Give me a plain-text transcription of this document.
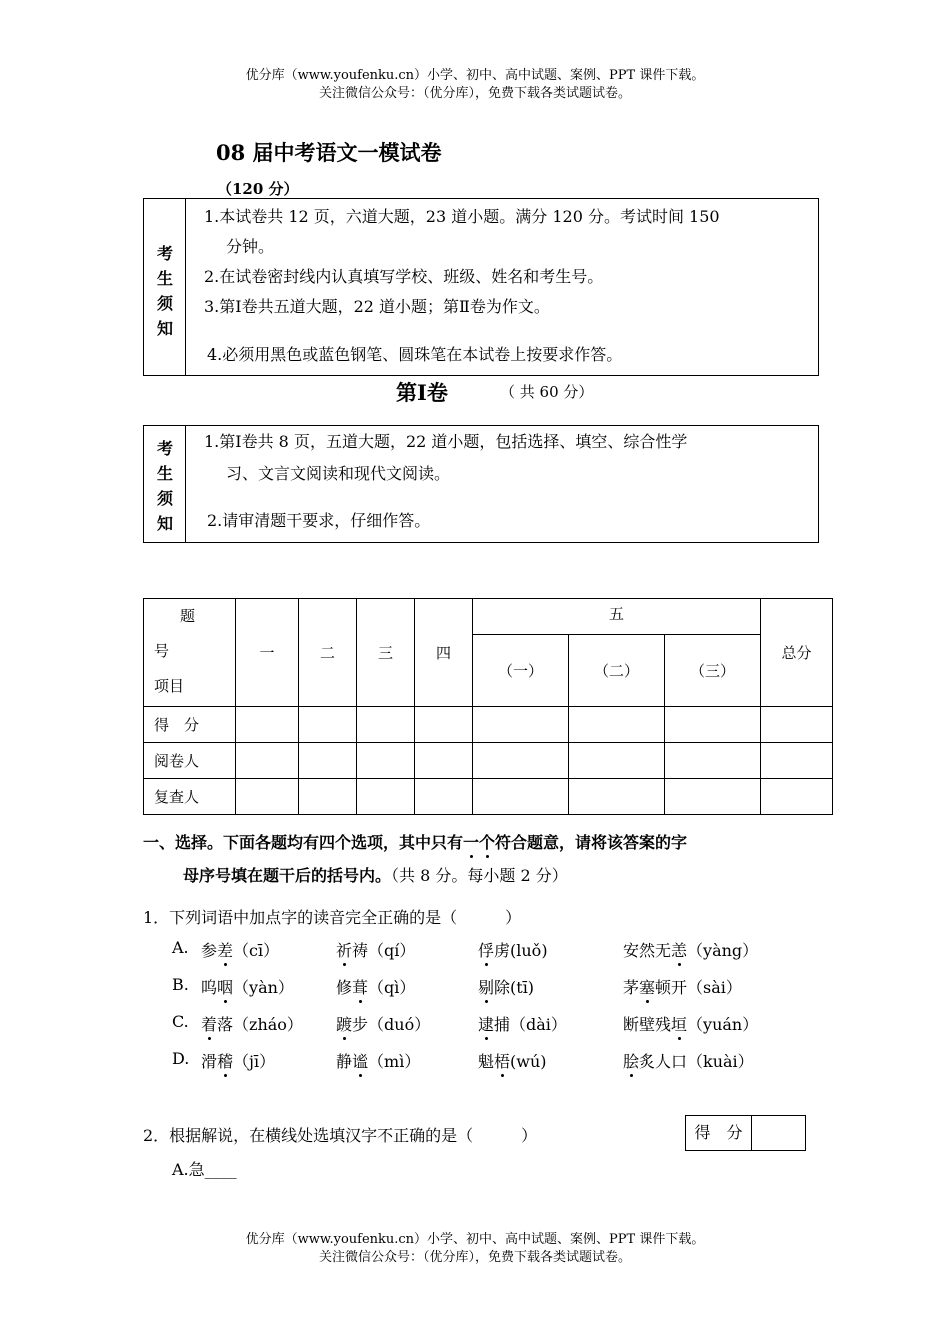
优分库（www.youfenku.cn）小学、初中、高中试题、案例、PPT 课件下载。
关注微信公众号：（优分库），免费下载各类试题试卷。
08 届中考语文一模试卷
（120 分）
考
生
须
知
1.本试卷共 12 页，六道大题，23 道小题。满分 120 分。考试时间 150
分钟。
2.在试卷密封线内认真填写学校、班级、姓名和考生号。
3.第Ⅰ卷共五道大题，22 道小题；第Ⅱ卷为作文。
4.必须用黑色或蓝色钢笔、圆珠笔在本试卷上按要求作答。
第Ⅰ卷	（ 共 60 分）
考
生
须
知
1.第Ⅰ卷共 8 页，五道大题，22 道小题，包括选择、填空、综合性学
习、文言文阅读和现代文阅读。
2.请审清题干要求，仔细作答。
题
号
项目	一	二	三	四	五			总分
					（一）	（二）	（三）	
得　分								
阅卷人								
复查人								
一、选择。下面各题均有四个选项，其中只有一个符合题意，请将该答案的字
母序号填在题干后的括号内。（共 8 分。每小题 2 分）
1．下列词语中加点字的读音完全正确的是（　　　）
A. 参差（cī）	祈祷（qí）	俘虏(luǒ)	安然无恙（yàng）
B. 呜咽（yàn）	修葺（qì）	剔除(tī)	茅塞顿开（sài）
C. 着落（zháo） 踱步（duó）	逮捕（dài）	断壁残垣（yuán）
D. 滑稽（jī）	静谧（mì）	魁梧(wú)	脍炙人口（kuài）
2．根据解说，在横线处选填汉字不正确的是（　　　）	得　分
A.急____
优分库（www.youfenku.cn）小学、初中、高中试题、案例、PPT 课件下载。
关注微信公众号：（优分库），免费下载各类试题试卷。
